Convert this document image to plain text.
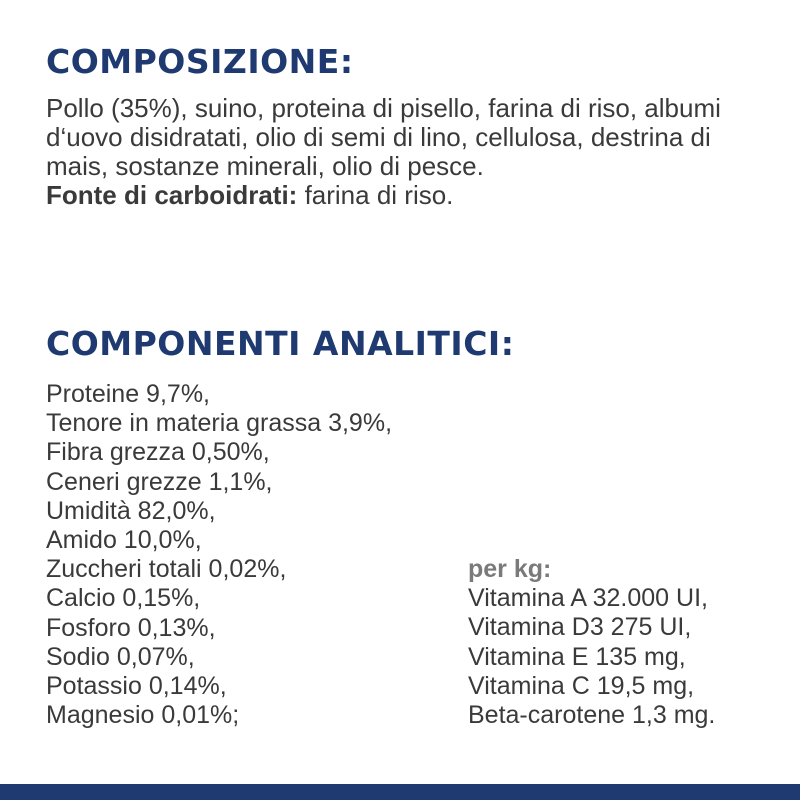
COMPOSIZIONE:

Pollo (35%), suino, proteina di pisello, farina di riso, albumi d‘uovo disidratati, olio di semi di lino, cellulosa, destrina di mais, sostanze minerali, olio di pesce.

Fonte di carboidrati: farina di riso.

COMPONENTI ANALITICI:
Proteine 9,7%,
Tenore in materia grassa 3,9%,
Fibra grezza 0,50%,
Ceneri grezze 1,1%,
Umidità 82,0%,
Amido 10,0%,
Zuccheri totali 0,02%,
Calcio 0,15%,
Fosforo 0,13%,
Sodio 0,07%,
Potassio 0,14%,
Magnesio 0,01%;
per kg:
Vitamina A 32.000 UI,
Vitamina D3 275 UI,
Vitamina E 135 mg,
Vitamina C 19,5 mg,
Beta-carotene 1,3 mg.
